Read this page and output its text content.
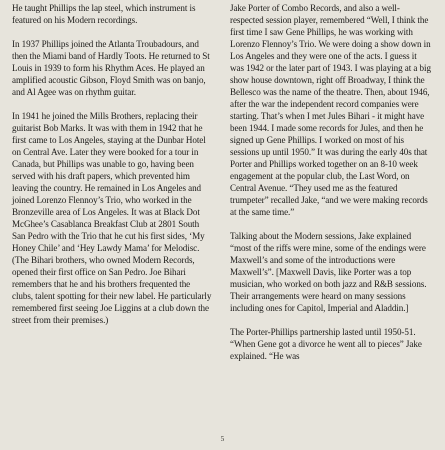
He taught Phillips the lap steel, which instrument is featured on his Modern recordings.

In 1937 Phillips joined the Atlanta Troubadours, and then the Miami band of Hardly Toots. He returned to St Louis in 1939 to form his Rhythm Aces. He played an amplified acoustic Gibson, Floyd Smith was on banjo, and Al Agee was on rhythm guitar.

In 1941 he joined the Mills Brothers, replacing their guitarist Bob Marks. It was with them in 1942 that he first came to Los Angeles, staying at the Dunbar Hotel on Central Ave. Later they were booked for a tour in Canada, but Phillips was unable to go, having been served with his draft papers, which prevented him leaving the country. He remained in Los Angeles and joined Lorenzo Flennoy’s Trio, who worked in the Bronzeville area of Los Angeles. It was at Black Dot McGhee’s Casablanca Breakfast Club at 2801 South San Pedro with the Trio that he cut his first sides, ‘My Honey Chile’ and ‘Hey Lawdy Mama’ for Melodisc. (The Bihari brothers, who owned Modern Records, opened their first office on San Pedro. Joe Bihari remembers that he and his brothers frequented the clubs, talent spotting for their new label. He particularly remembered first seeing Joe Liggins at a club down the street from their premises.)

Jake Porter of Combo Records, and also a well-respected session player, remembered “Well, I think the first time I saw Gene Phillips, he was working with Lorenzo Flennoy’s Trio. We were doing a show down in Los Angeles and they were one of the acts. I guess it was 1942 or the later part of 1943. I was playing at a big show house downtown, right off Broadway, I think the Bellesco was the name of the theatre. Then, about 1946, after the war the independent record companies were starting. That’s when I met Jules Bihari - it might have been 1944. I made some records for Jules, and then he signed up Gene Phillips. I worked on most of his sessions up until 1950.” It was during the early 40s that Porter and Phillips worked together on an 8-10 week engagement at the popular club, the Last Word, on Central Avenue. “They used me as the featured trumpeter” recalled Jake, “and we were making records at the same time.”

Talking about the Modern sessions, Jake explained “most of the riffs were mine, some of the endings were Maxwell’s and some of the introductions were Maxwell’s”. [Maxwell Davis, like Porter was a top musician, who worked on both jazz and R&B sessions. Their arrangements were heard on many sessions including ones for Capitol, Imperial and Aladdin.]

The Porter-Phillips partnership lasted until 1950-51. “When Gene got a divorce he went all to pieces” Jake explained. “He was

5
